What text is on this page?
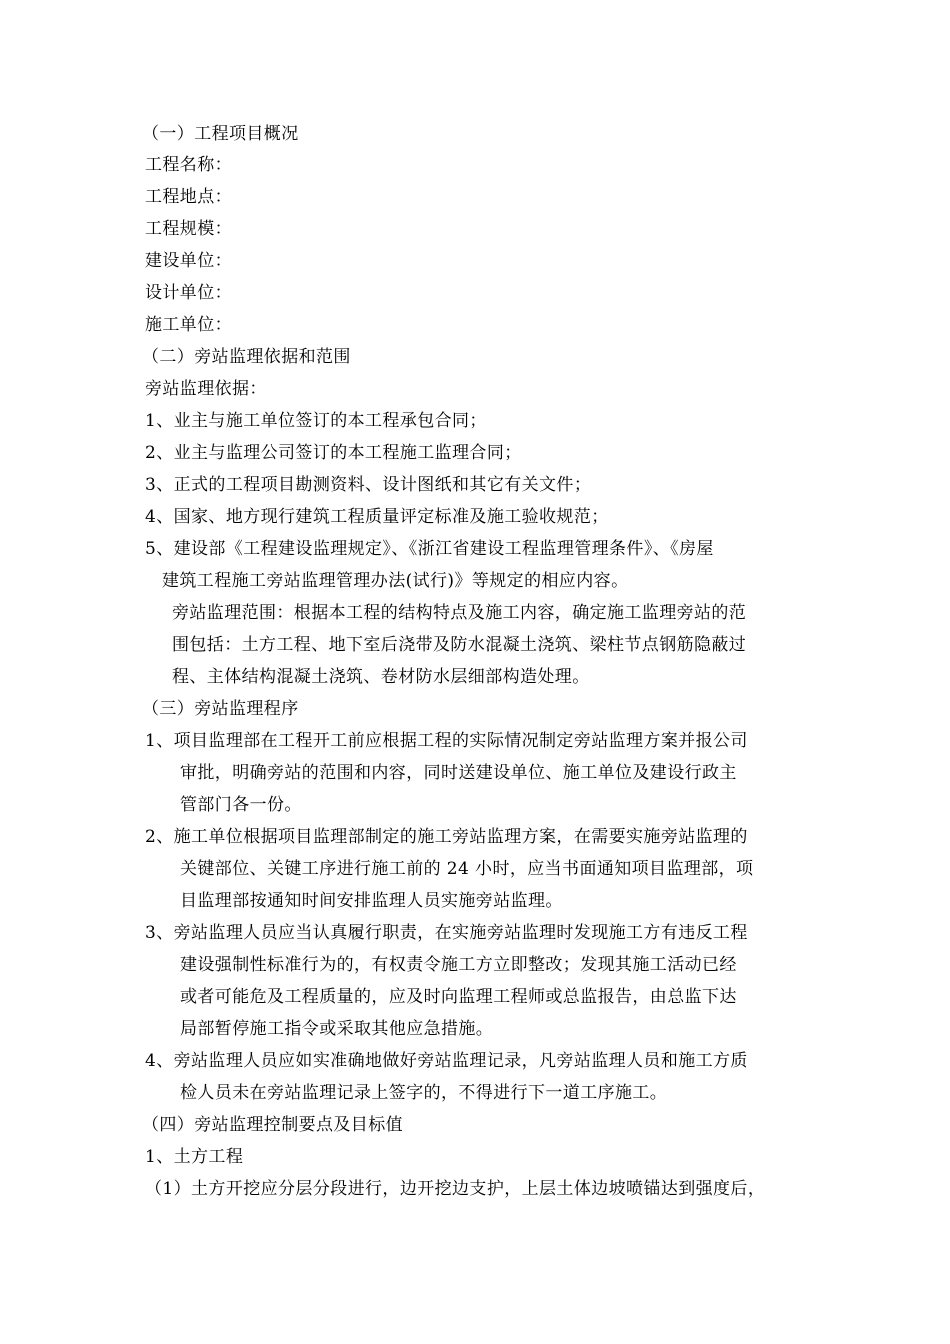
（一）工程项目概况
工程名称：
工程地点：
工程规模：
建设单位：
设计单位：
施工单位：
（二）旁站监理依据和范围
旁站监理依据：
1、业主与施工单位签订的本工程承包合同；
2、业主与监理公司签订的本工程施工监理合同；
3、正式的工程项目勘测资料、设计图纸和其它有关文件；
4、国家、地方现行建筑工程质量评定标准及施工验收规范；
5、建设部《工程建设监理规定》、《浙江省建设工程监理管理条件》、《房屋
建筑工程施工旁站监理管理办法(试行)》等规定的相应内容。
旁站监理范围：根据本工程的结构特点及施工内容，确定施工监理旁站的范
围包括：土方工程、地下室后浇带及防水混凝土浇筑、梁柱节点钢筋隐蔽过
程、主体结构混凝土浇筑、卷材防水层细部构造处理。
（三）旁站监理程序
1、项目监理部在工程开工前应根据工程的实际情况制定旁站监理方案并报公司
审批，明确旁站的范围和内容，同时送建设单位、施工单位及建设行政主
管部门各一份。
2、施工单位根据项目监理部制定的施工旁站监理方案，在需要实施旁站监理的
关键部位、关键工序进行施工前的 24 小时，应当书面通知项目监理部，项
目监理部按通知时间安排监理人员实施旁站监理。
3、旁站监理人员应当认真履行职责，在实施旁站监理时发现施工方有违反工程
建设强制性标准行为的，有权责令施工方立即整改；发现其施工活动已经
或者可能危及工程质量的，应及时向监理工程师或总监报告，由总监下达
局部暂停施工指令或采取其他应急措施。
4、旁站监理人员应如实准确地做好旁站监理记录，凡旁站监理人员和施工方质
检人员未在旁站监理记录上签字的，不得进行下一道工序施工。
（四）旁站监理控制要点及目标值
1、土方工程
（1）土方开挖应分层分段进行，边开挖边支护，上层土体边坡喷锚达到强度后，
